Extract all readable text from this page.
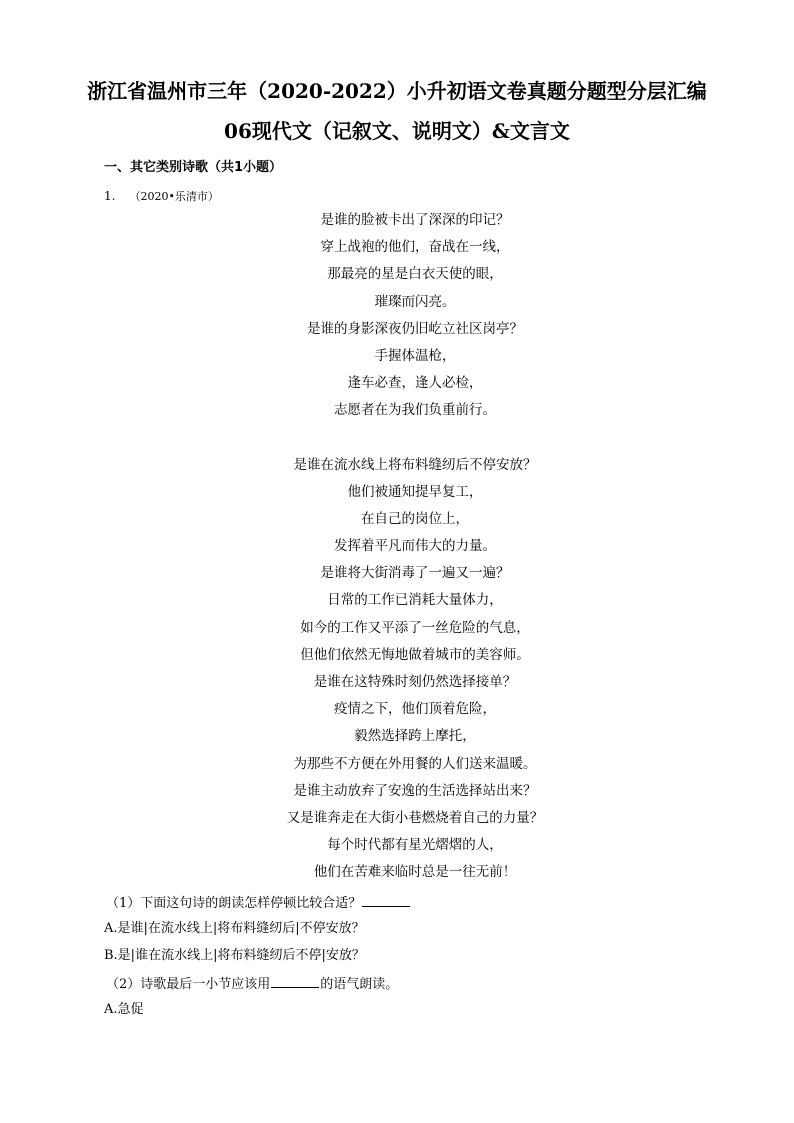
浙江省温州市三年（2020-2022）小升初语文卷真题分题型分层汇编
06现代文（记叙文、说明文）&文言文
一、其它类别诗歌（共1小题）
1. （2020•乐清市）
是谁的脸被卡出了深深的印记？
穿上战袍的他们，奋战在一线，
那最亮的星是白衣天使的眼，
璀璨而闪亮。
是谁的身影深夜仍旧屹立社区岗亭？
手握体温枪，
逢车必查，逢人必检，
志愿者在为我们负重前行。
是谁在流水线上将布料缝纫后不停安放？
他们被通知提早复工，
在自己的岗位上，
发挥着平凡而伟大的力量。
是谁将大街消毒了一遍又一遍？
日常的工作已消耗大量体力，
如今的工作又平添了一丝危险的气息，
但他们依然无悔地做着城市的美容师。
是谁在这特殊时刻仍然选择接单？
疫情之下，他们顶着危险，
毅然选择跨上摩托，
为那些不方便在外用餐的人们送来温暖。
是谁主动放弃了安逸的生活选择站出来？
又是谁奔走在大街小巷燃烧着自己的力量？
每个时代都有星光熠熠的人，
他们在苦难来临时总是一往无前！
（1）下面这句诗的朗读怎样停顿比较合适？
A.是谁|在流水线上|将布料缝纫后|不停安放？
B.是|谁在流水线上|将布料缝纫后不停|安放？
（2）诗歌最后一小节应该用	的语气朗读。
A.急促
